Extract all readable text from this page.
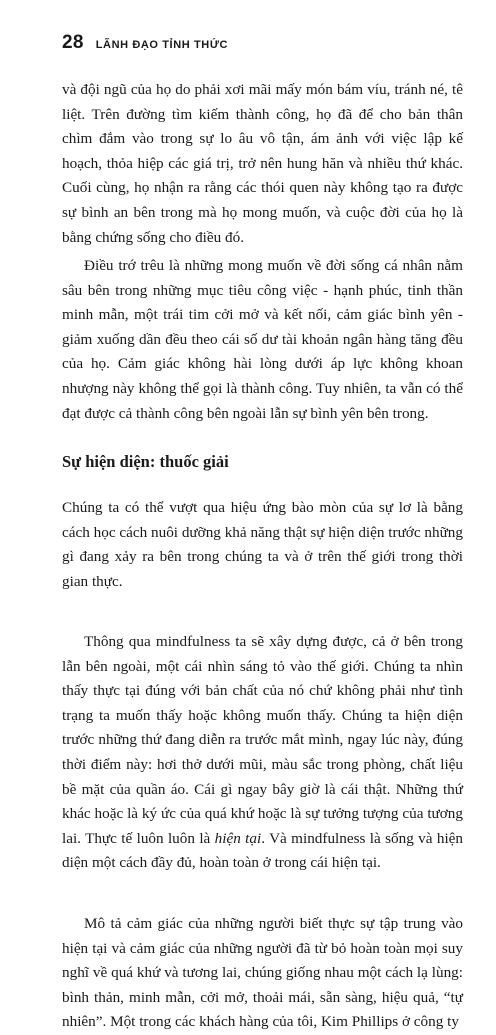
28 LÃNH ĐẠO TỈNH THỨC

và đội ngũ của họ do phải xơi mãi mấy món bám víu, tránh né, tê liệt. Trên đường tìm kiếm thành công, họ đã để cho bản thân chìm đắm vào trong sự lo âu vô tận, ám ảnh với việc lập kế hoạch, thỏa hiệp các giá trị, trở nên hung hăn và nhiều thứ khác. Cuối cùng, họ nhận ra rằng các thói quen này không tạo ra được sự bình an bên trong mà họ mong muốn, và cuộc đời của họ là bằng chứng sống cho điều đó.

Điều trớ trêu là những mong muốn về đời sống cá nhân nằm sâu bên trong những mục tiêu công việc - hạnh phúc, tinh thần minh mẫn, một trái tim cởi mở và kết nối, cảm giác bình yên - giảm xuống dần đều theo cái số dư tài khoản ngân hàng tăng đều của họ. Cảm giác không hài lòng dưới áp lực không khoan nhượng này không thể gọi là thành công. Tuy nhiên, ta vẫn có thể đạt được cả thành công bên ngoài lẫn sự bình yên bên trong.

Sự hiện diện: thuốc giải

Chúng ta có thể vượt qua hiệu ứng bào mòn của sự lơ là bằng cách học cách nuôi dưỡng khả năng thật sự hiện diện trước những gì đang xảy ra bên trong chúng ta và ở trên thế giới trong thời gian thực.

Thông qua mindfulness ta sẽ xây dựng được, cả ở bên trong lẫn bên ngoài, một cái nhìn sáng tỏ vào thế giới. Chúng ta nhìn thấy thực tại đúng với bản chất của nó chứ không phải như tình trạng ta muốn thấy hoặc không muốn thấy. Chúng ta hiện diện trước những thứ đang diễn ra trước mắt mình, ngay lúc này, đúng thời điểm này: hơi thở dưới mũi, màu sắc trong phòng, chất liệu bề mặt của quần áo. Cái gì ngay bây giờ là cái thật. Những thứ khác hoặc là ký ức của quá khứ hoặc là sự tưởng tượng của tương lai. Thực tế luôn luôn là hiện tại. Và mindfulness là sống và hiện diện một cách đầy đủ, hoàn toàn ở trong cái hiện tại.

Mô tả cảm giác của những người biết thực sự tập trung vào hiện tại và cảm giác của những người đã từ bỏ hoàn toàn mọi suy nghĩ về quá khứ và tương lai, chúng giống nhau một cách lạ lùng: bình thản, minh mẫn, cởi mở, thoải mái, sẵn sàng, hiệu quả, “tự nhiên”. Một trong các khách hàng của tôi, Kim Phillips ở công ty
